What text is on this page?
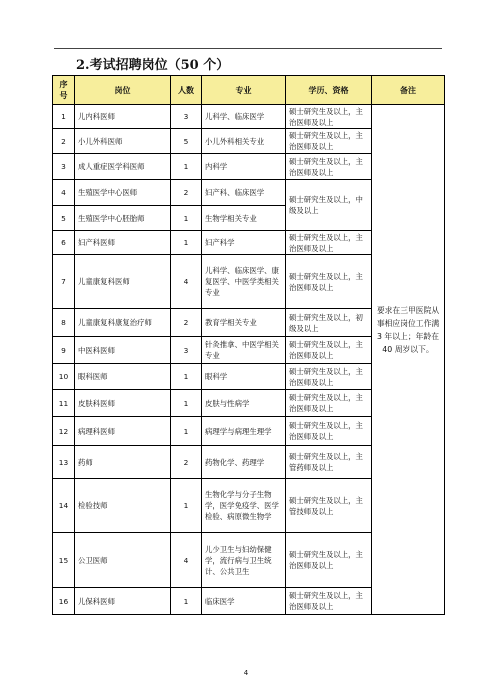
2.考试招聘岗位（50 个）
序号	岗位	人数	专业	学历、资格	备注
1	儿内科医师	3	儿科学、临床医学	硕士研究生及以上，主治医师及以上	要求在三甲医院从事相应岗位工作满 3 年以上；年龄在 40 周岁以下。
2	小儿外科医师	5	小儿外科相关专业	硕士研究生及以上，主治医师及以上	
3	成人重症医学科医师	1	内科学	硕士研究生及以上，主治医师及以上	
4	生殖医学中心医师	2	妇产科、临床医学	硕士研究生及以上，中级及以上	
5	生殖医学中心胚胎师	1	生物学相关专业		
6	妇产科医师	1	妇产科学	硕士研究生及以上，主治医师及以上	
7	儿童康复科医师	4	儿科学、临床医学、康复医学、中医学类相关专业	硕士研究生及以上，主治医师及以上	
8	儿童康复科康复治疗师	2	教育学相关专业	硕士研究生及以上，初级及以上	
9	中医科医师	3	针灸推拿、中医学相关专业	硕士研究生及以上，主治医师及以上	
10	眼科医师	1	眼科学	硕士研究生及以上，主治医师及以上	
11	皮肤科医师	1	皮肤与性病学	硕士研究生及以上，主治医师及以上	
12	病理科医师	1	病理学与病理生理学	硕士研究生及以上，主治医师及以上	
13	药师	2	药物化学、药理学	硕士研究生及以上，主管药师及以上	
14	检验技师	1	生物化学与分子生物学，医学免疫学、医学检验、病原微生物学	硕士研究生及以上，主管技师及以上	
15	公卫医师	4	儿少卫生与妇幼保健学，流行病与卫生统计、公共卫生	硕士研究生及以上，主治医师及以上	
16	儿保科医师	1	临床医学	硕士研究生及以上，主治医师及以上	
4
